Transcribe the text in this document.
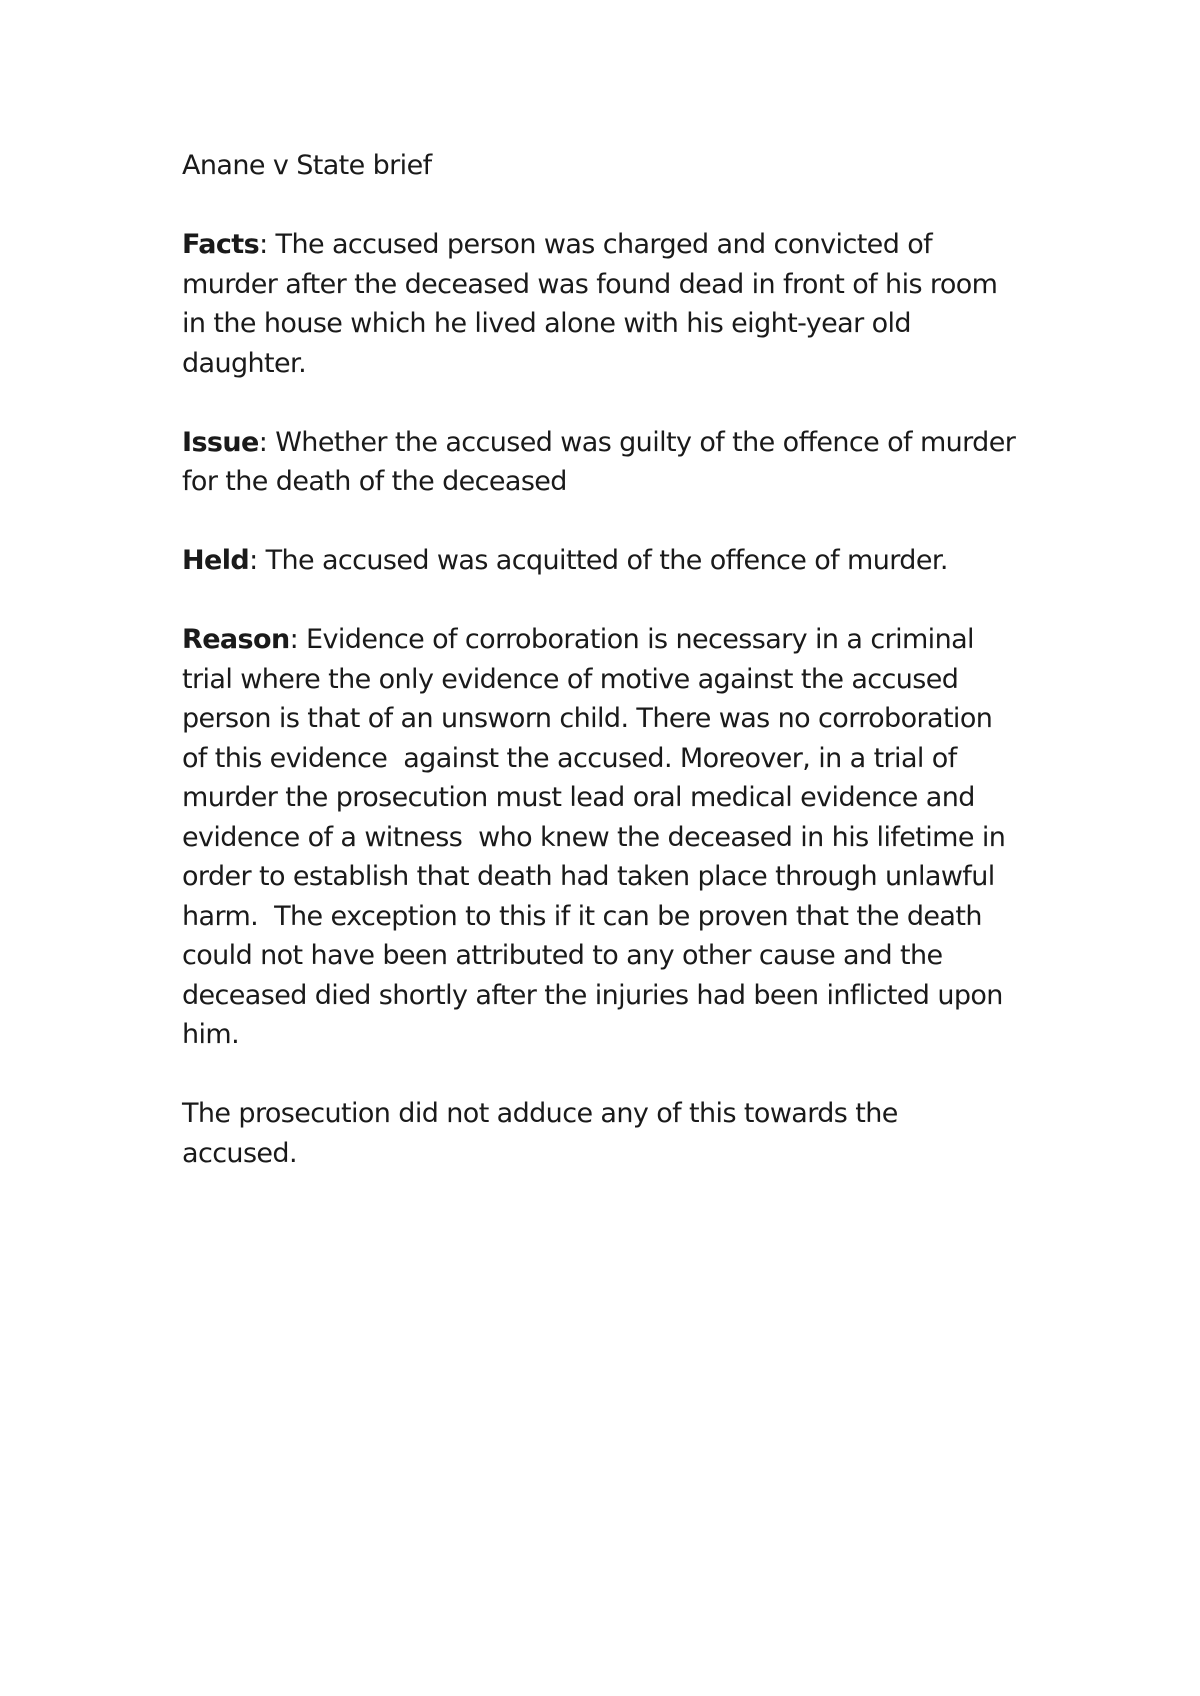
Anane v State brief
Facts: The accused person was charged and convicted of
murder after the deceased was found dead in front of his room
in the house which he lived alone with his eight-year old
daughter.
Issue: Whether the accused was guilty of the offence of murder
for the death of the deceased
Held: The accused was acquitted of the offence of murder.
Reason: Evidence of corroboration is necessary in a criminal
trial where the only evidence of motive against the accused
person is that of an unsworn child. There was no corroboration
of this evidence  against the accused. Moreover, in a trial of
murder the prosecution must lead oral medical evidence and
evidence of a witness  who knew the deceased in his lifetime in
order to establish that death had taken place through unlawful
harm.  The exception to this if it can be proven that the death
could not have been attributed to any other cause and the
deceased died shortly after the injuries had been inflicted upon
him.
The prosecution did not adduce any of this towards the
accused.
